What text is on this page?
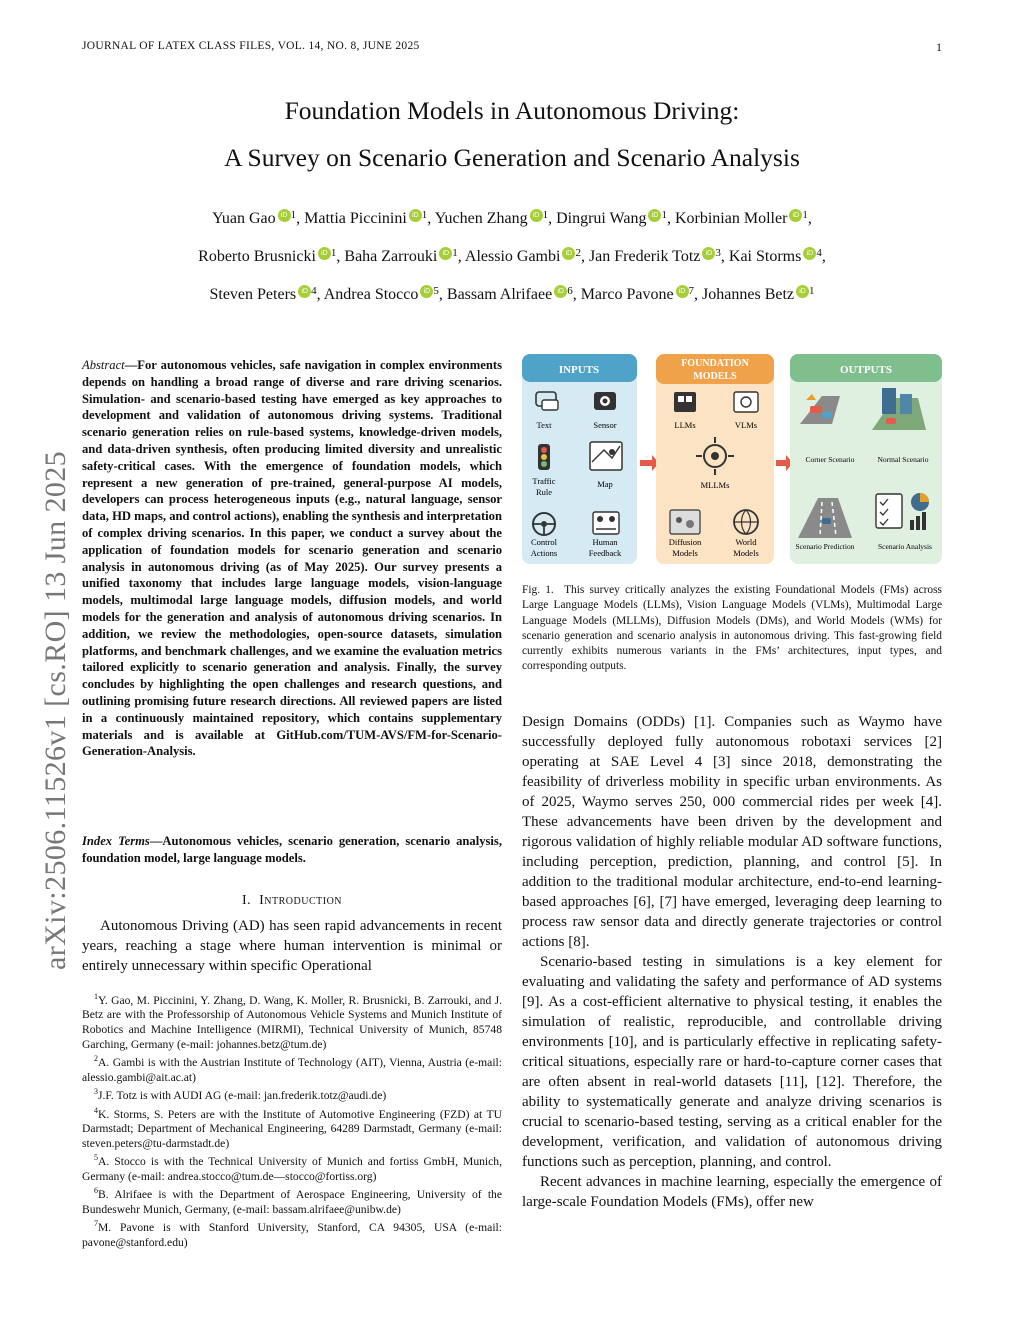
JOURNAL OF LATEX CLASS FILES, VOL. 14, NO. 8, JUNE 2025	1
Foundation Models in Autonomous Driving:
A Survey on Scenario Generation and Scenario Analysis
Yuan Gao iD $^1$, Mattia Piccinini iD $^1$, Yuchen Zhang iD $^1$, Dingrui Wang iD $^1$, Korbinian Moller iD $^1$,
Roberto Brusnicki iD $^1$, Baha Zarrouki iD $^1$, Alessio Gambi iD $^2$, Jan Frederik Totz iD $^3$, Kai Storms iD $^4$,
Steven Peters iD $^4$, Andrea Stocco iD $^5$, Bassam Alrifaee iD $^6$, Marco Pavone iD $^7$, Johannes Betz iD $^1$
arXiv:2506.11526v1 [cs.RO] 13 Jun 2025
Abstract—For autonomous vehicles, safe navigation in complex environments depends on handling a broad range of diverse and rare driving scenarios. Simulation- and scenario-based testing have emerged as key approaches to development and validation of autonomous driving systems. Traditional scenario generation relies on rule-based systems, knowledge-driven models, and data-driven synthesis, often producing limited diversity and unrealistic safety-critical cases. With the emergence of foundation models, which represent a new generation of pre-trained, general-purpose AI models, developers can process heterogeneous inputs (e.g., natural language, sensor data, HD maps, and control actions), enabling the synthesis and interpretation of complex driving scenarios. In this paper, we conduct a survey about the application of foundation models for scenario generation and scenario analysis in autonomous driving (as of May 2025). Our survey presents a unified taxonomy that includes large language models, vision-language models, multimodal large language models, diffusion models, and world models for the generation and analysis of autonomous driving scenarios. In addition, we review the methodologies, open-source datasets, simulation platforms, and benchmark challenges, and we examine the evaluation metrics tailored explicitly to scenario generation and analysis. Finally, the survey concludes by highlighting the open challenges and research questions, and outlining promising future research directions. All reviewed papers are listed in a continuously maintained repository, which contains supplementary materials and is available at GitHub.com/TUM-AVS/FM-for-Scenario-Generation-Analysis.
Index Terms—Autonomous vehicles, scenario generation, scenario analysis, foundation model, large language models.
I. Introduction
Autonomous Driving (AD) has seen rapid advancements in recent years, reaching a stage where human intervention is minimal or entirely unnecessary within specific Operational

$^1$Y. Gao, M. Piccinini, Y. Zhang, D. Wang, K. Moller, R. Brusnicki, B. Zarrouki, and J. Betz are with the Professorship of Autonomous Vehicle Systems and Munich Institute of Robotics and Machine Intelligence (MIRMI), Technical University of Munich, 85748 Garching, Germany (e-mail: johannes.betz@tum.de)

$^2$A. Gambi is with the Austrian Institute of Technology (AIT), Vienna, Austria (e-mail: alessio.gambi@ait.ac.at)

$^3$J.F. Totz is with AUDI AG (e-mail: jan.frederik.totz@audi.de)

$^4$K. Storms, S. Peters are with the Institute of Automotive Engineering (FZD) at TU Darmstadt; Department of Mechanical Engineering, 64289 Darmstadt, Germany (e-mail: steven.peters@tu-darmstadt.de)

$^5$A. Stocco is with the Technical University of Munich and fortiss GmbH, Munich, Germany (e-mail: andrea.stocco@tum.de—stocco@fortiss.org)

$^6$B. Alrifaee is with the Department of Aerospace Engineering, University of the Bundeswehr Munich, Germany, (e-mail: bassam.alrifaee@unibw.de)

$^7$M. Pavone is with Stanford University, Stanford, CA 94305, USA (e-mail: pavone@stanford.edu)

INPUTS
Text	Sensor
Traffic
Rule
Map
Control
Actions
Human
Feedback
FOUNDATION
MODELS
LLMs	VLMs
MLLMs
Diffusion
Models
World
Models
OUTPUTS
Corner Scenario	Normal Scenario
Scenario Prediction	Scenario Analysis
Fig. 1. This survey critically analyzes the existing Foundational Models (FMs) across Large Language Models (LLMs), Vision Language Models (VLMs), Multimodal Large Language Models (MLLMs), Diffusion Models (DMs), and World Models (WMs) for scenario generation and scenario analysis in autonomous driving. This fast-growing field currently exhibits numerous variants in the FMs’ architectures, input types, and corresponding outputs.

Design Domains (ODDs) [1]. Companies such as Waymo have successfully deployed fully autonomous robotaxi services [2] operating at SAE Level 4 [3] since 2018, demonstrating the feasibility of driverless mobility in specific urban environments. As of 2025, Waymo serves 250, 000 commercial rides per week [4]. These advancements have been driven by the development and rigorous validation of highly reliable modular AD software functions, including perception, prediction, planning, and control [5]. In addition to the traditional modular architecture, end-to-end learning-based approaches [6], [7] have emerged, leveraging deep learning to process raw sensor data and directly generate trajectories or control actions [8].

Scenario-based testing in simulations is a key element for evaluating and validating the safety and performance of AD systems [9]. As a cost-efficient alternative to physical testing, it enables the simulation of realistic, reproducible, and controllable driving environments [10], and is particularly effective in replicating safety-critical situations, especially rare or hard-to-capture corner cases that are often absent in real-world datasets [11], [12]. Therefore, the ability to systematically generate and analyze driving scenarios is crucial to scenario-based testing, serving as a critical enabler for the development, verification, and validation of autonomous driving functions such as perception, planning, and control.

Recent advances in machine learning, especially the emergence of large-scale Foundation Models (FMs), offer new
